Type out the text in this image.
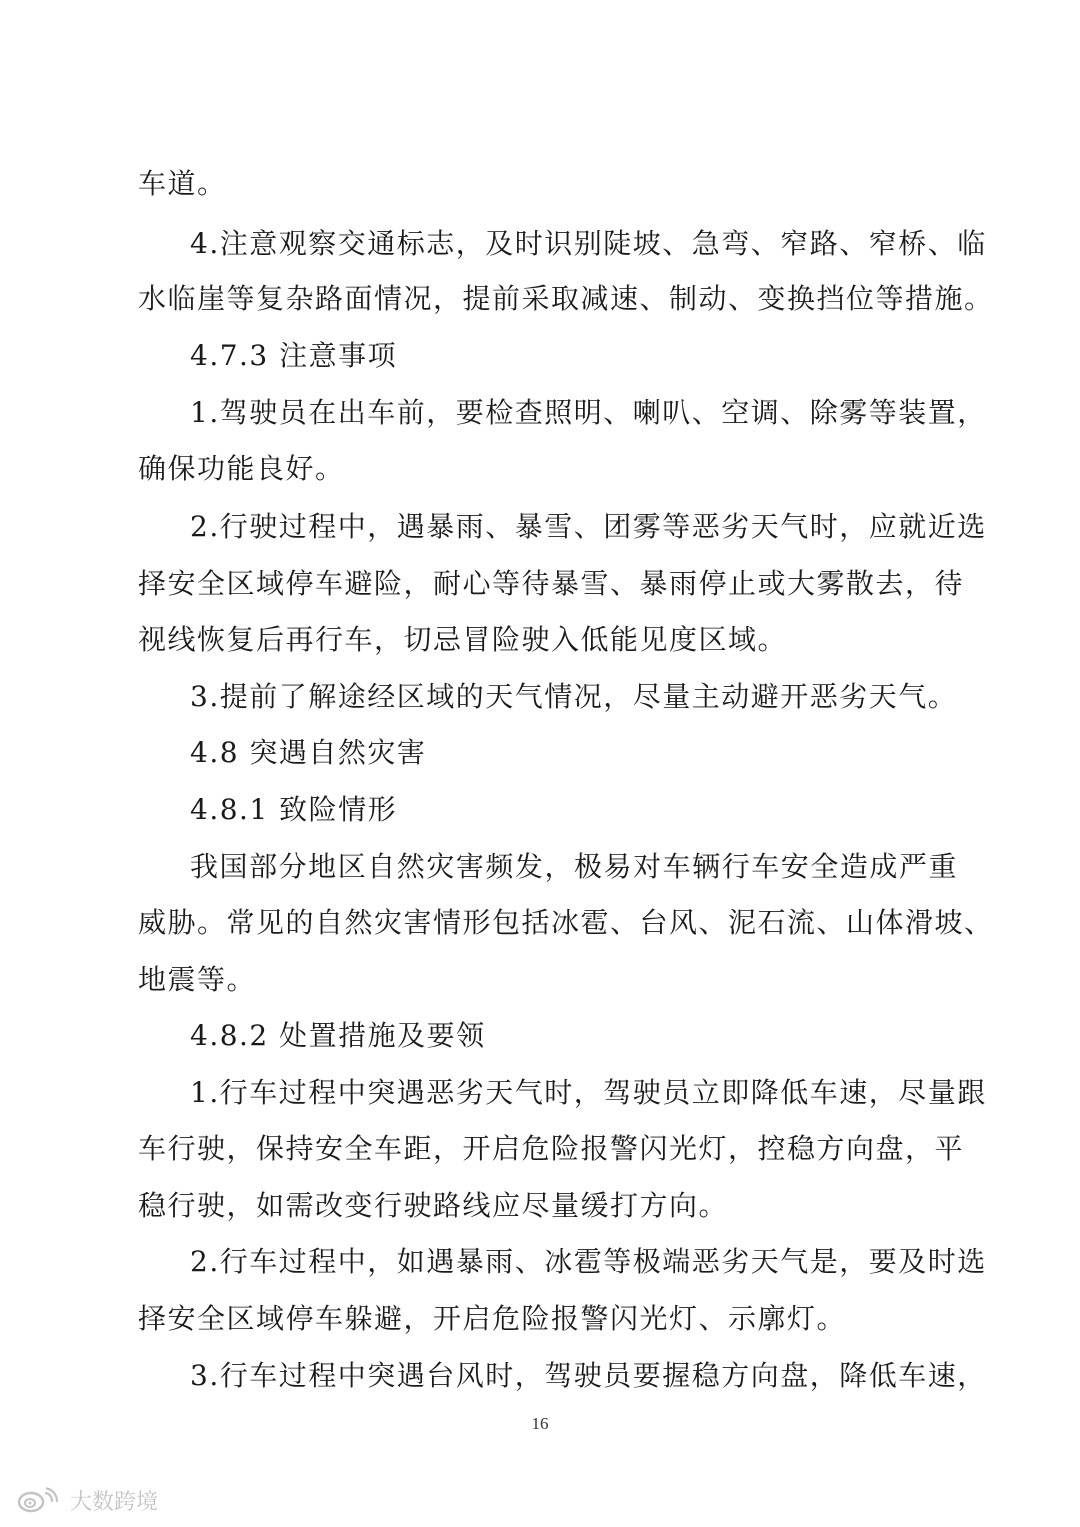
车道。
4.注意观察交通标志，及时识别陡坡、急弯、窄路、窄桥、临
水临崖等复杂路面情况，提前采取减速、制动、变换挡位等措施。
4.7.3 注意事项
1.驾驶员在出车前，要检查照明、喇叭、空调、除雾等装置，
确保功能良好。
2.行驶过程中，遇暴雨、暴雪、团雾等恶劣天气时，应就近选
择安全区域停车避险，耐心等待暴雪、暴雨停止或大雾散去，待
视线恢复后再行车，切忌冒险驶入低能见度区域。
3.提前了解途经区域的天气情况，尽量主动避开恶劣天气。
4.8 突遇自然灾害
4.8.1 致险情形
我国部分地区自然灾害频发，极易对车辆行车安全造成严重
威胁。常见的自然灾害情形包括冰雹、台风、泥石流、山体滑坡、
地震等。
4.8.2 处置措施及要领
1.行车过程中突遇恶劣天气时，驾驶员立即降低车速，尽量跟
车行驶，保持安全车距，开启危险报警闪光灯，控稳方向盘，平
稳行驶，如需改变行驶路线应尽量缓打方向。
2.行车过程中，如遇暴雨、冰雹等极端恶劣天气是，要及时选
择安全区域停车躲避，开启危险报警闪光灯、示廓灯。
3.行车过程中突遇台风时，驾驶员要握稳方向盘，降低车速，
16
大数跨境
